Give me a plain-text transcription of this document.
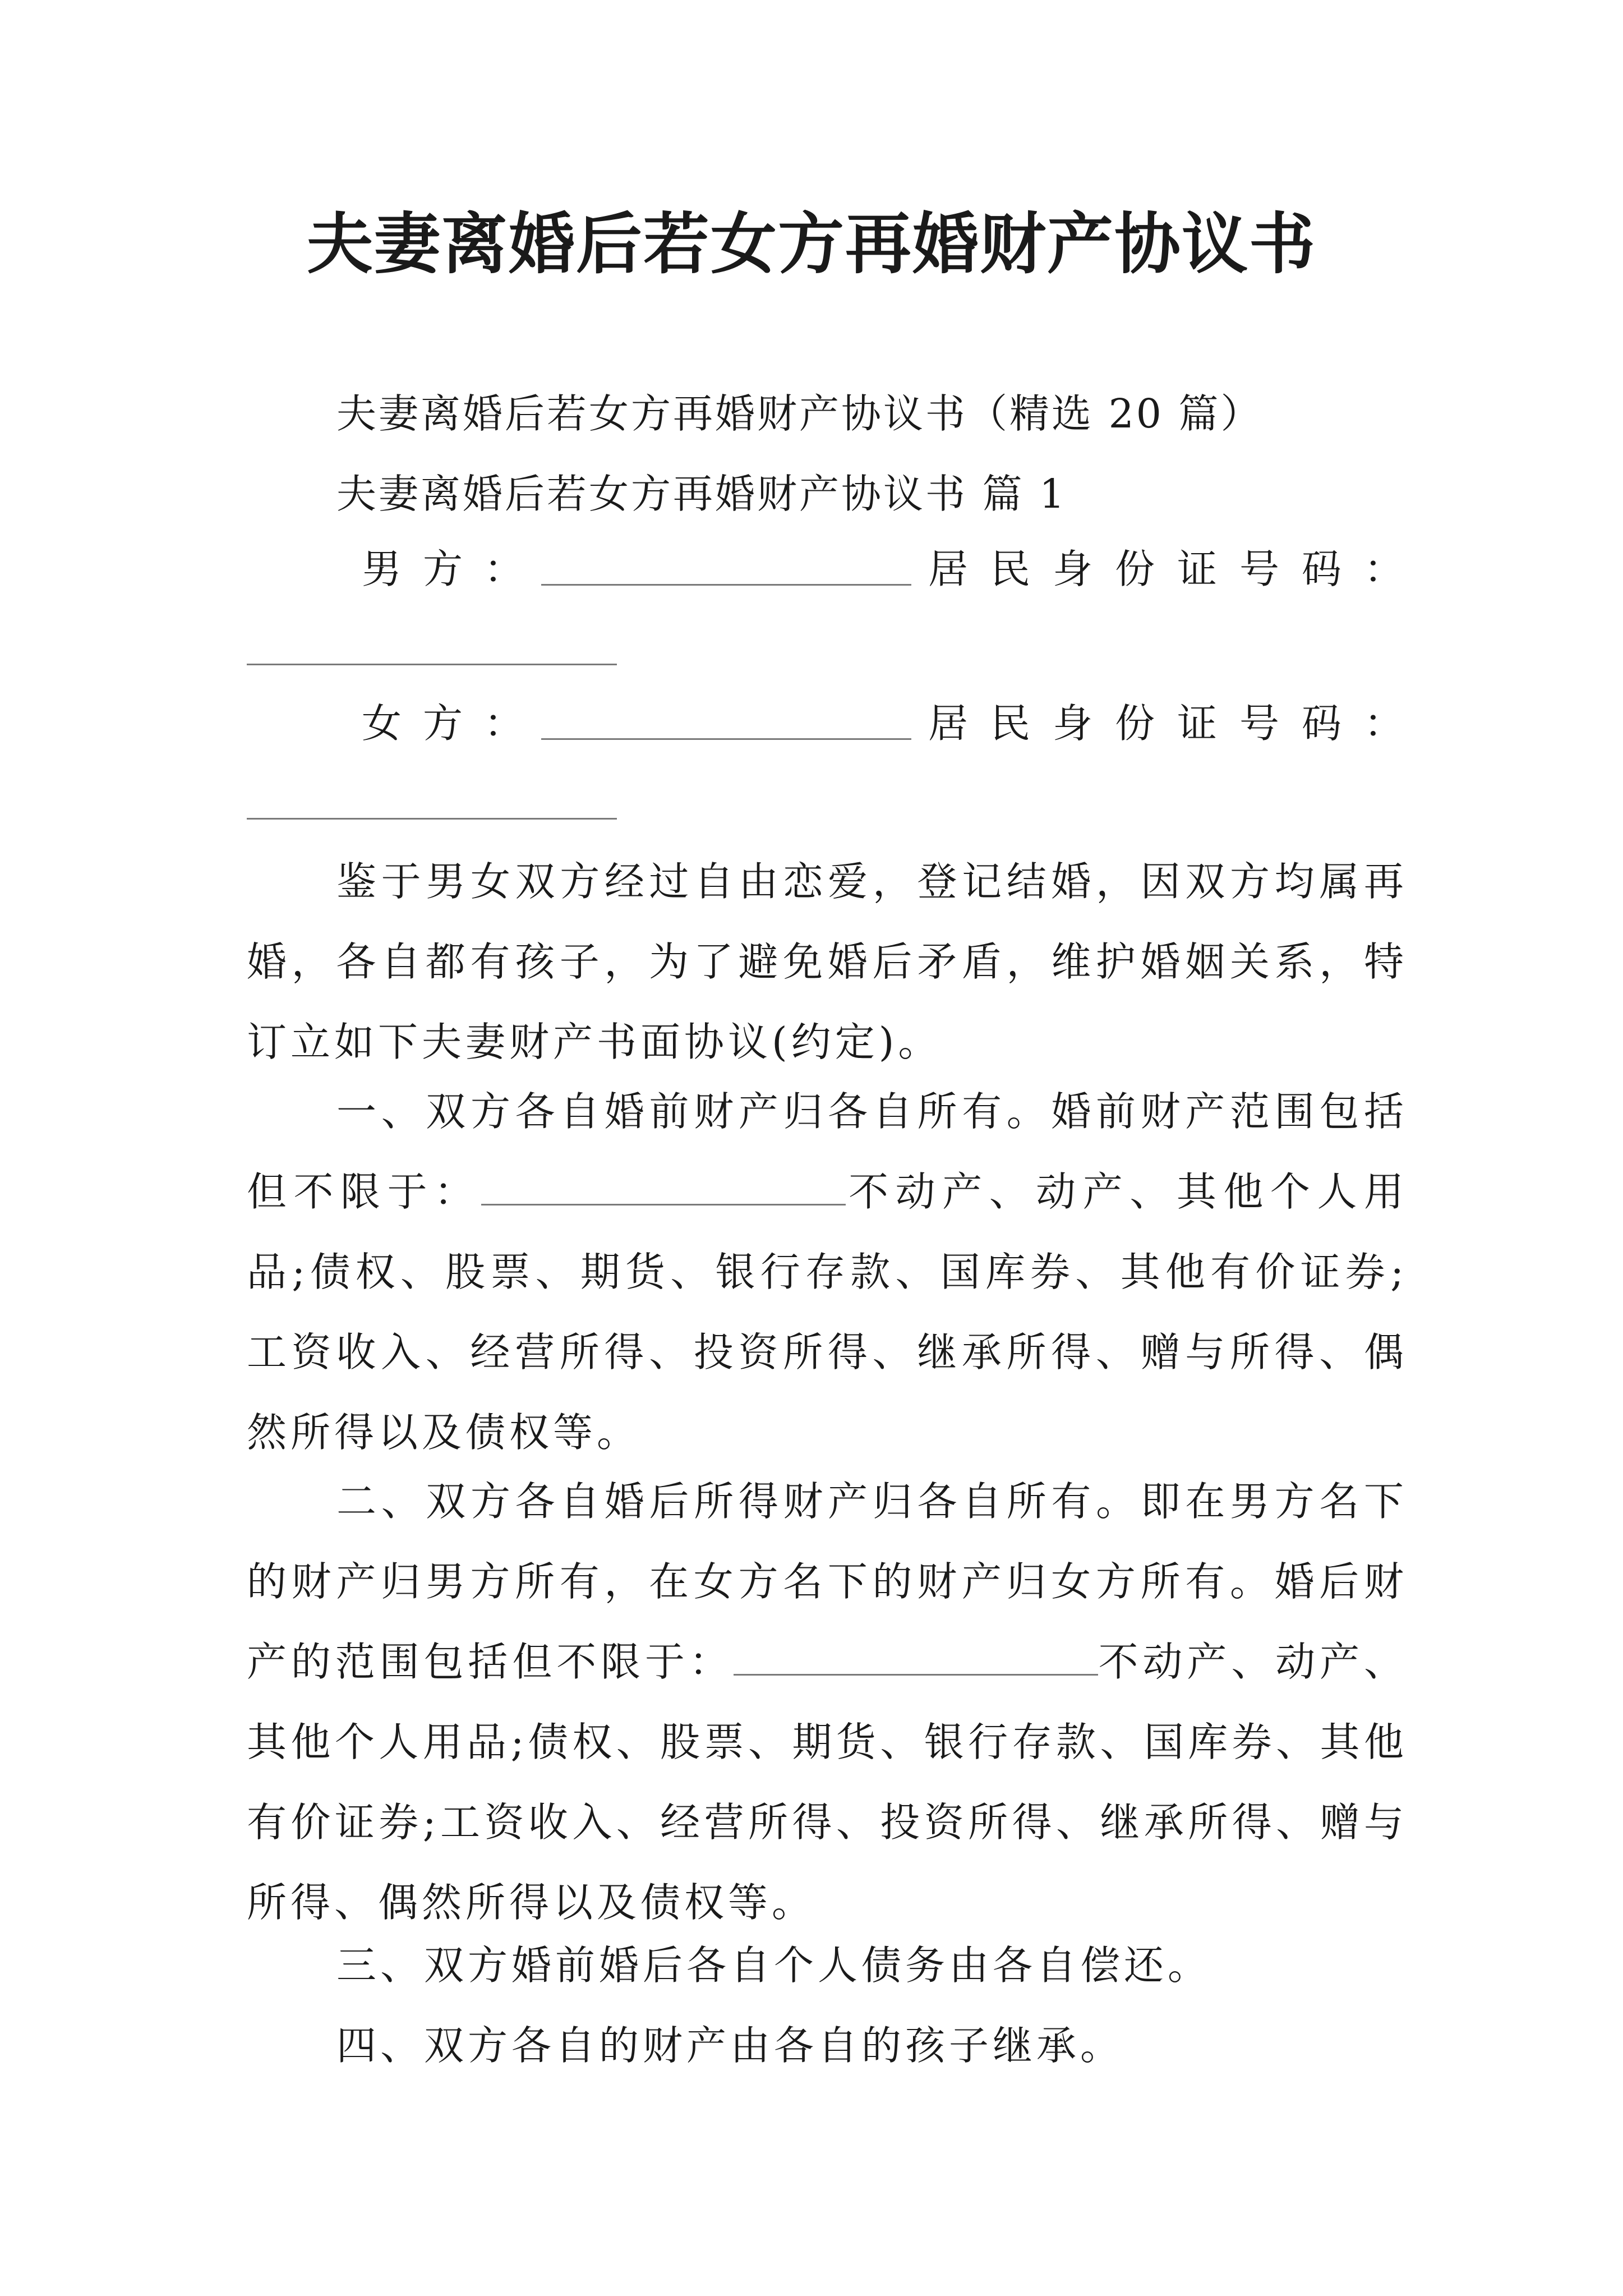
夫妻离婚后若女方再婚财产协议书
夫妻离婚后若女方再婚财产协议书（精选 20 篇）
夫妻离婚后若女方再婚财产协议书 篇 1
男方：	居民身份证号码：
女方：	居民身份证号码：

鉴于男女双方经过自由恋爱，登记结婚，因双方均属再婚，各自都有孩子，为了避免婚后矛盾，维护婚姻关系，特订立如下夫妻财产书面协议(约定)。

一、双方各自婚前财产归各自所有。婚前财产范围包括但不限于：	不动产、动产、其他个人用品;债权、股票、期货、银行存款、国库券、其他有价证券;工资收入、经营所得、投资所得、继承所得、赠与所得、偶然所得以及债权等。

二、双方各自婚后所得财产归各自所有。即在男方名下的财产归男方所有，在女方名下的财产归女方所有。婚后财产的范围包括但不限于：	不动产、动产、其他个人用品;债权、股票、期货、银行存款、国库券、其他有价证券;工资收入、经营所得、投资所得、继承所得、赠与所得、偶然所得以及债权等。

三、双方婚前婚后各自个人债务由各自偿还。

四、双方各自的财产由各自的孩子继承。
